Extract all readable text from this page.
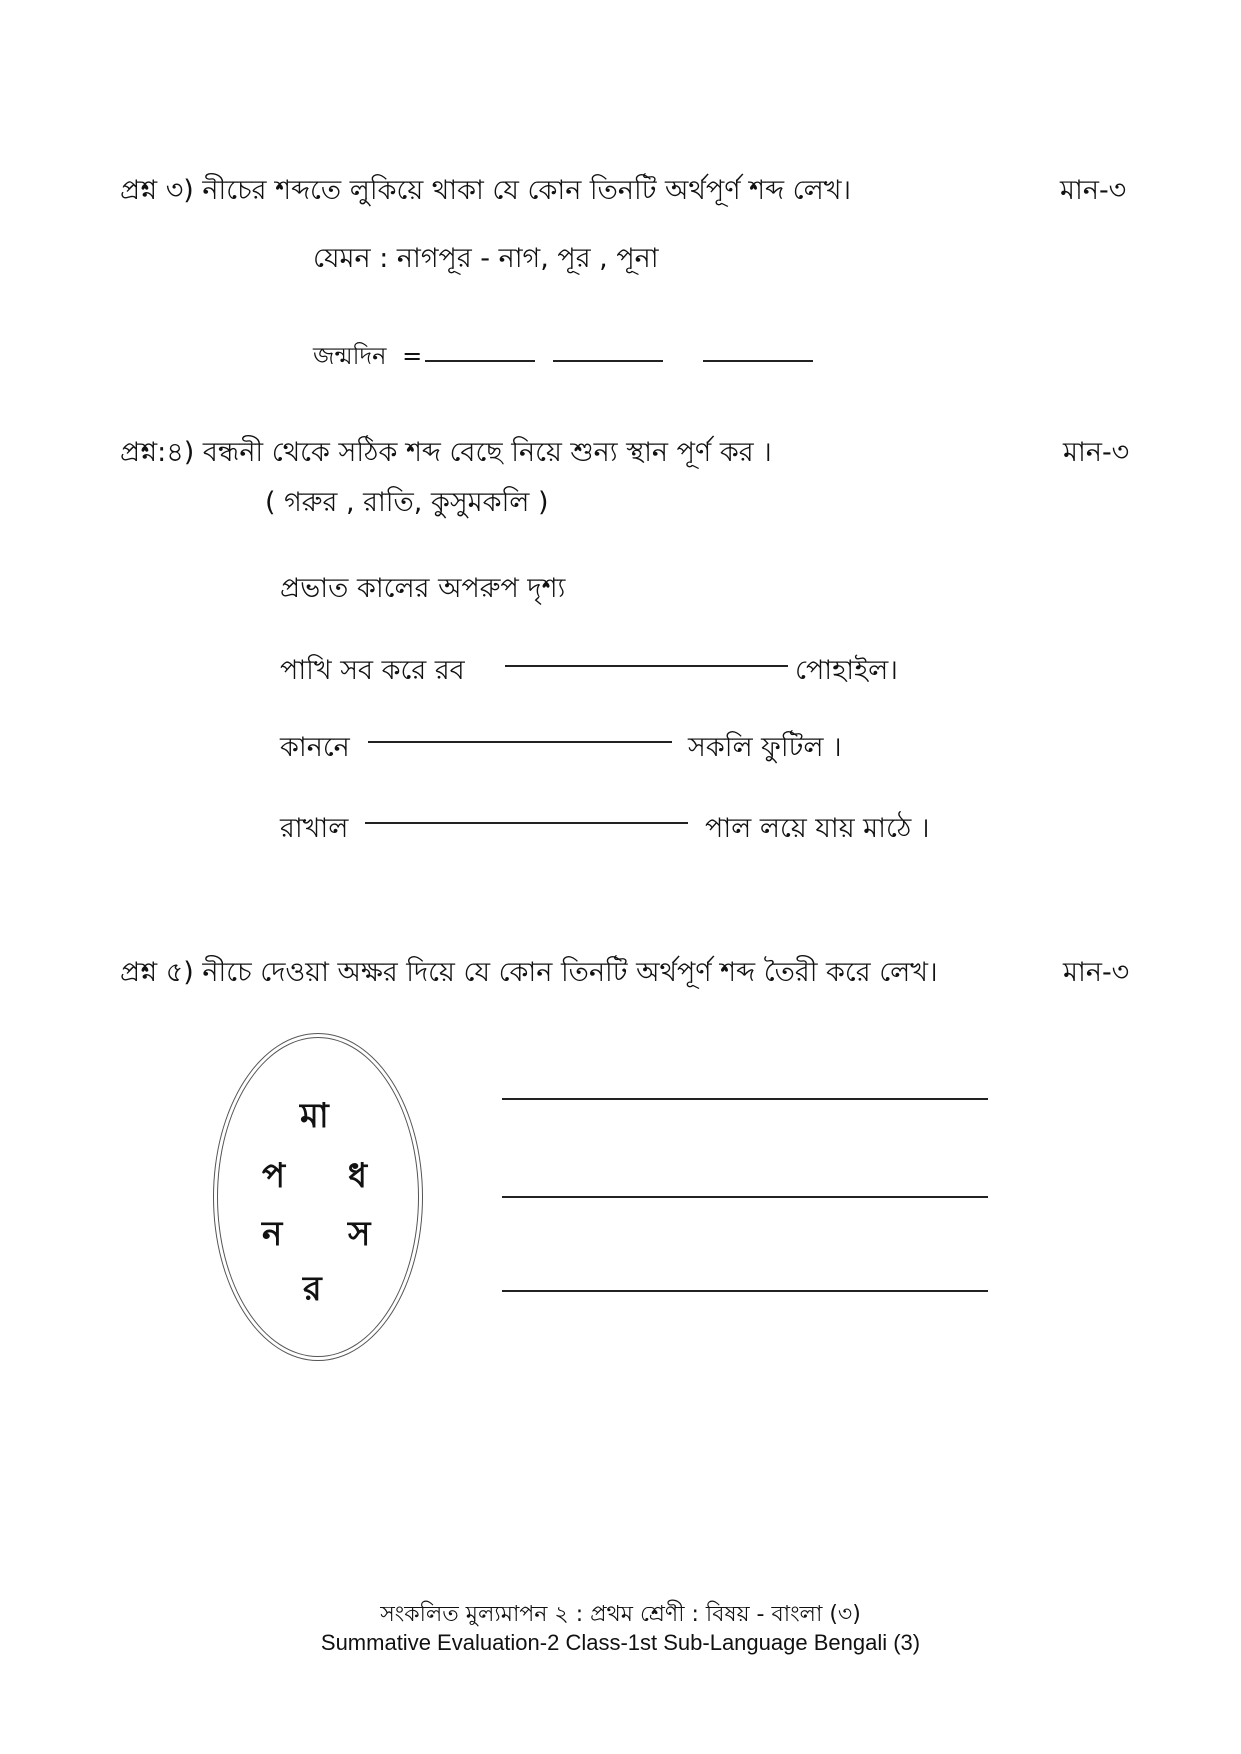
প্রশ্ন ৩) নীচের শব্দতে লুকিয়ে থাকা যে কোন তিনটি অর্থপূর্ণ শব্দ লেখ।	মান-৩
যেমন : নাগপূর - নাগ, পূর , পূনা
জন্মদিন =
প্রশ্ন:৪) বন্ধনী থেকে সঠিক শব্দ বেছে নিয়ে শুন্য স্থান পূর্ণ কর ।	মান-৩
( গরুর , রাতি, কুসুমকলি )
প্রভাত কালের অপরুপ দৃশ্য
পাখি সব করে রব	পোহাইল।
কাননে	সকলি ফুটিল ।
রাখাল	পাল লয়ে যায় মাঠে ।
প্রশ্ন ৫) নীচে দেওয়া অক্ষর দিয়ে যে কোন তিনটি অর্থপূর্ণ শব্দ তৈরী করে লেখ।	মান-৩
মা
প ধ
ন স
র
সংকলিত মুল্যমাপন ২ : প্রথম শ্রেণী : বিষয় - বাংলা (৩)
Summative Evaluation-2 Class-1st Sub-Language Bengali (3)
